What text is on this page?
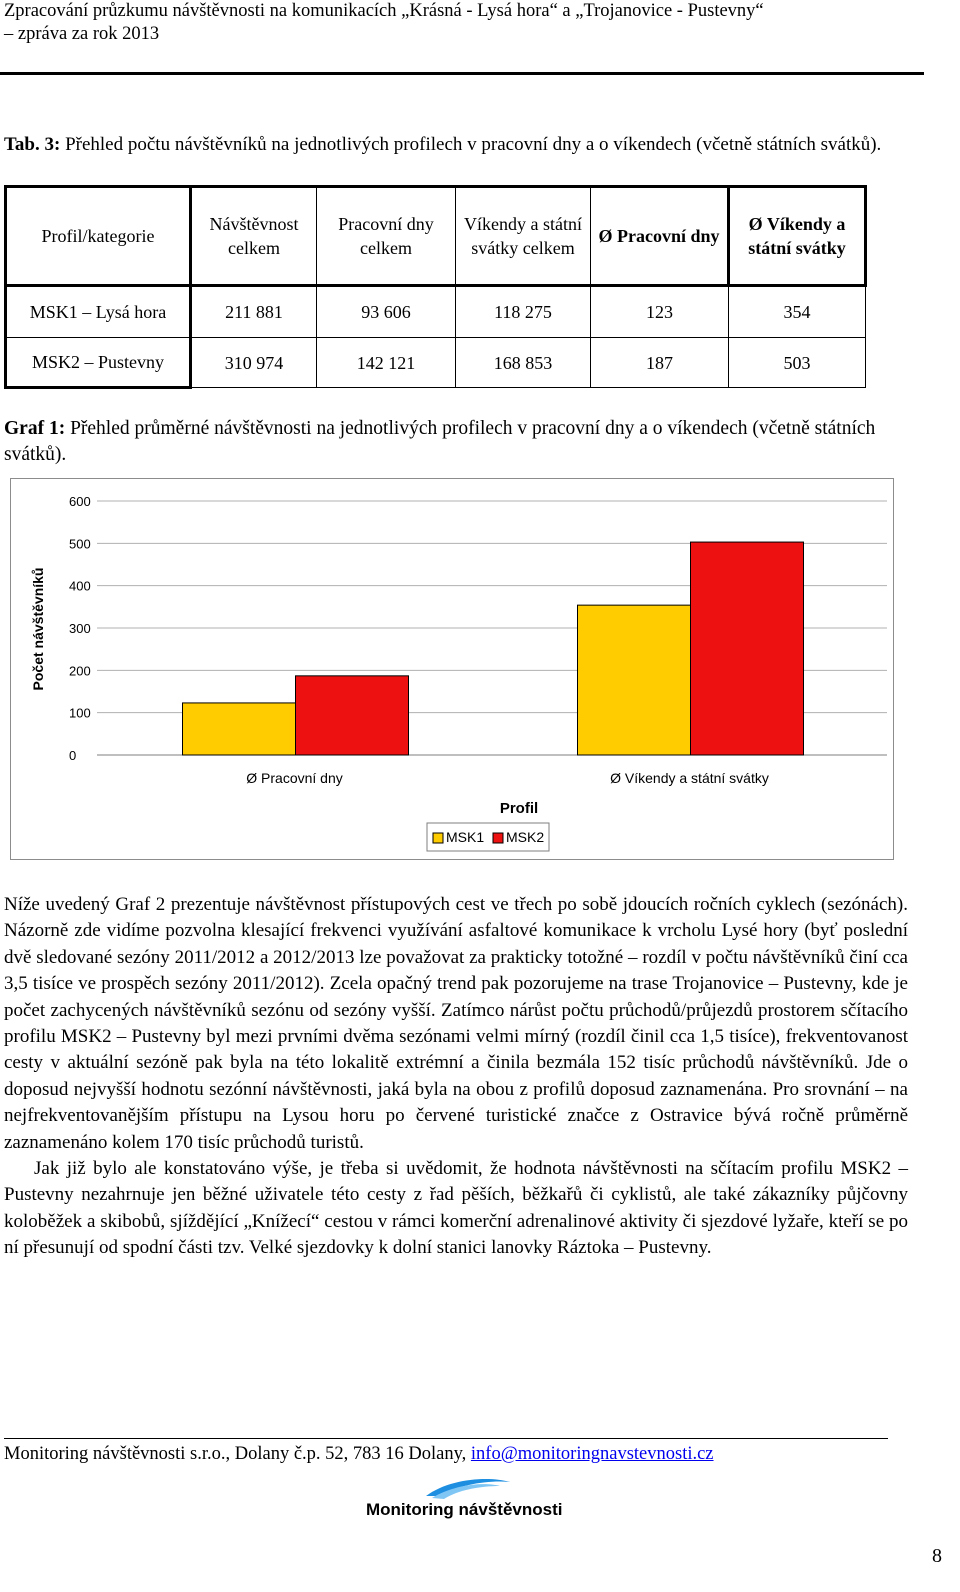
Zpracování průzkumu návštěvnosti na komunikacích „Krásná - Lysá hora“ a „Trojanovice - Pustevny“
– zpráva za rok 2013
Tab. 3: Přehled počtu návštěvníků na jednotlivých profilech v pracovní dny a o víkendech (včetně státních svátků).
Profil/kategorie	Návštěvnost celkem	Pracovní dny celkem	Víkendy a státní svátky celkem	Ø Pracovní dny	Ø Víkendy a státní svátky
MSK1 – Lysá hora	211 881	93 606	118 275	123	354
MSK2 – Pustevny	310 974	142 121	168 853	187	503
Graf 1: Přehled průměrné návštěvnosti na jednotlivých profilech v pracovní dny a o víkendech (včetně státních svátků).
0
100
200
300
400
500
600
Ø Pracovní dny	Ø Víkendy a státní svátky
Počet návštěvníků
Profil
MSK1 MSK2

Níže uvedený Graf 2 prezentuje návštěvnost přístupových cest ve třech po sobě jdoucích ročních cyklech (sezónách). Názorně zde vidíme pozvolna klesající frekvenci využívání asfaltové komunikace k vrcholu Lysé hory (byť poslední dvě sledované sezóny 2011/2012 a 2012/2013 lze považovat za prakticky totožné – rozdíl v počtu návštěvníků činí cca 3,5 tisíce ve prospěch sezóny 2011/2012). Zcela opačný trend pak pozorujeme na trase Trojanovice – Pustevny, kde je počet zachycených návštěvníků sezónu od sezóny vyšší. Zatímco nárůst počtu průchodů/průjezdů prostorem sčítacího profilu MSK2 – Pustevny byl mezi prvními dvěma sezónami velmi mírný (rozdíl činil cca 1,5 tisíce), frekventovanost cesty v aktuální sezóně pak byla na této lokalitě extrémní a činila bezmála 152 tisíc průchodů návštěvníků. Jde o doposud nejvyšší hodnotu sezónní návštěvnosti, jaká byla na obou z profilů doposud zaznamenána. Pro srovnání – na nejfrekventovanějším přístupu na Lysou horu po červené turistické značce z Ostravice bývá ročně průměrně zaznamenáno kolem 170 tisíc průchodů turistů.

Jak již bylo ale konstatováno výše, je třeba si uvědomit, že hodnota návštěvnosti na sčítacím profilu MSK2 – Pustevny nezahrnuje jen běžné uživatele této cesty z řad pěších, běžkařů či cyklistů, ale také zákazníky půjčovny koloběžek a skibobů, sjíždějící „Knížecí“ cestou v rámci komerční adrenalinové aktivity či sjezdové lyžaře, kteří se po ní přesunují od spodní části tzv. Velké sjezdovky k dolní stanici lanovky Ráztoka – Pustevny.

Monitoring návštěvnosti s.r.o., Dolany č.p. 52, 783 16 Dolany, info@monitoringnavstevnosti.cz
Monitoring návštěvnosti
8
